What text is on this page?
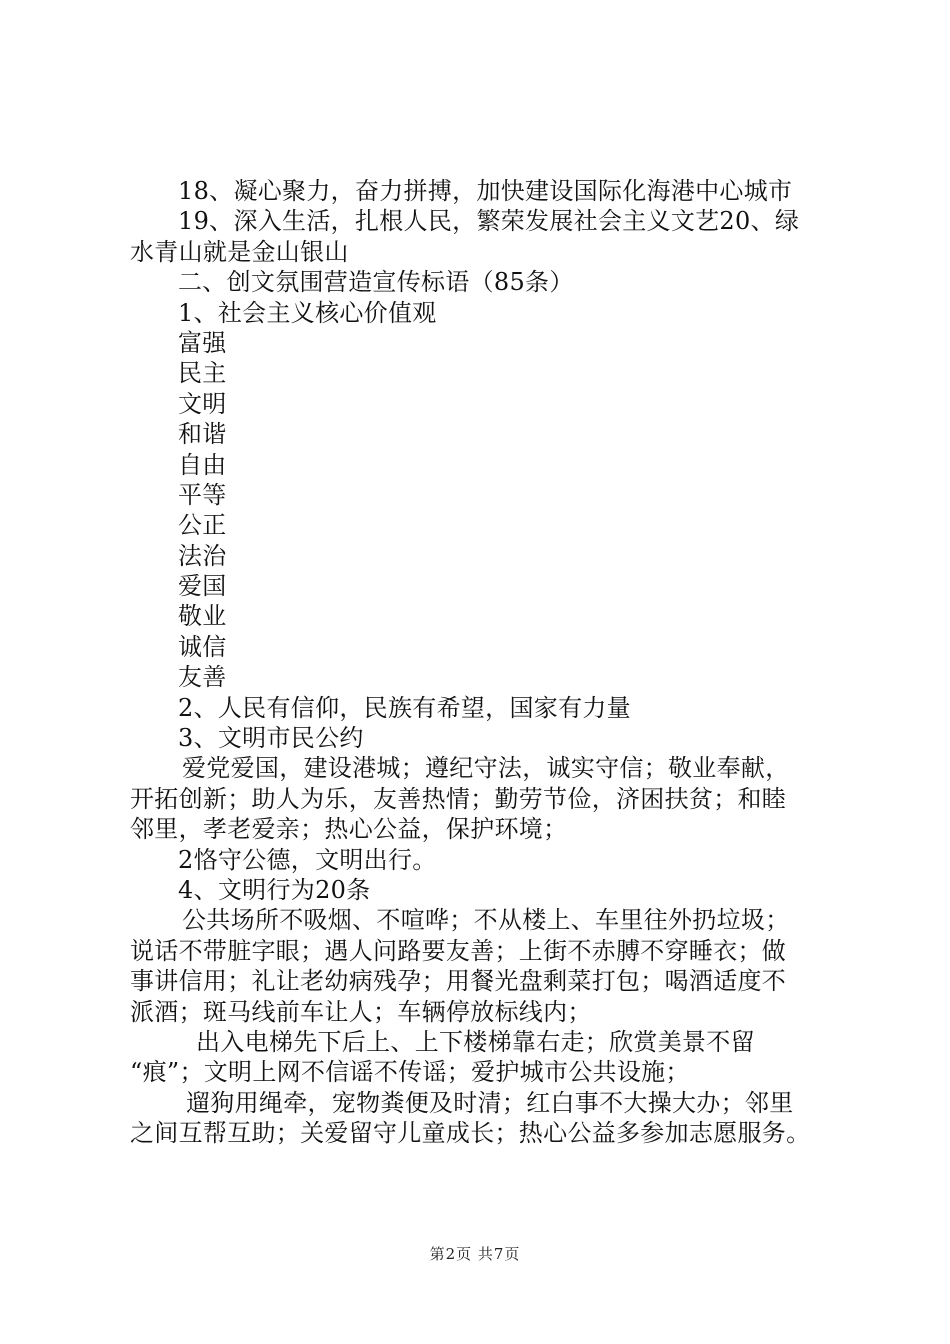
18、凝心聚力，奋力拼搏，加快建设国际化海港中心城市
19、深入生活，扎根人民，繁荣发展社会主义文艺20、绿
水青山就是金山银山
二、创文氛围营造宣传标语（85条）
1、社会主义核心价值观
富强
民主
文明
和谐
自由
平等
公正
法治
爱国
敬业
诚信
友善
2、人民有信仰，民族有希望，国家有力量
3、文明市民公约
爱党爱国，建设港城；遵纪守法，诚实守信；敬业奉献，
开拓创新；助人为乐，友善热情；勤劳节俭，济困扶贫；和睦
邻里，孝老爱亲；热心公益，保护环境；
2恪守公德，文明出行。
4、文明行为20条
公共场所不吸烟、不喧哗；不从楼上、车里往外扔垃圾；
说话不带脏字眼；遇人问路要友善；上街不赤膊不穿睡衣；做
事讲信用；礼让老幼病残孕；用餐光盘剩菜打包；喝酒适度不
派酒；斑马线前车让人；车辆停放标线内；
出入电梯先下后上、上下楼梯靠右走；欣赏美景不留
“痕”；文明上网不信谣不传谣；爱护城市公共设施；
遛狗用绳牵，宠物粪便及时清；红白事不大操大办；邻里
之间互帮互助；关爱留守儿童成长；热心公益多参加志愿服务。
第2页 共7页
